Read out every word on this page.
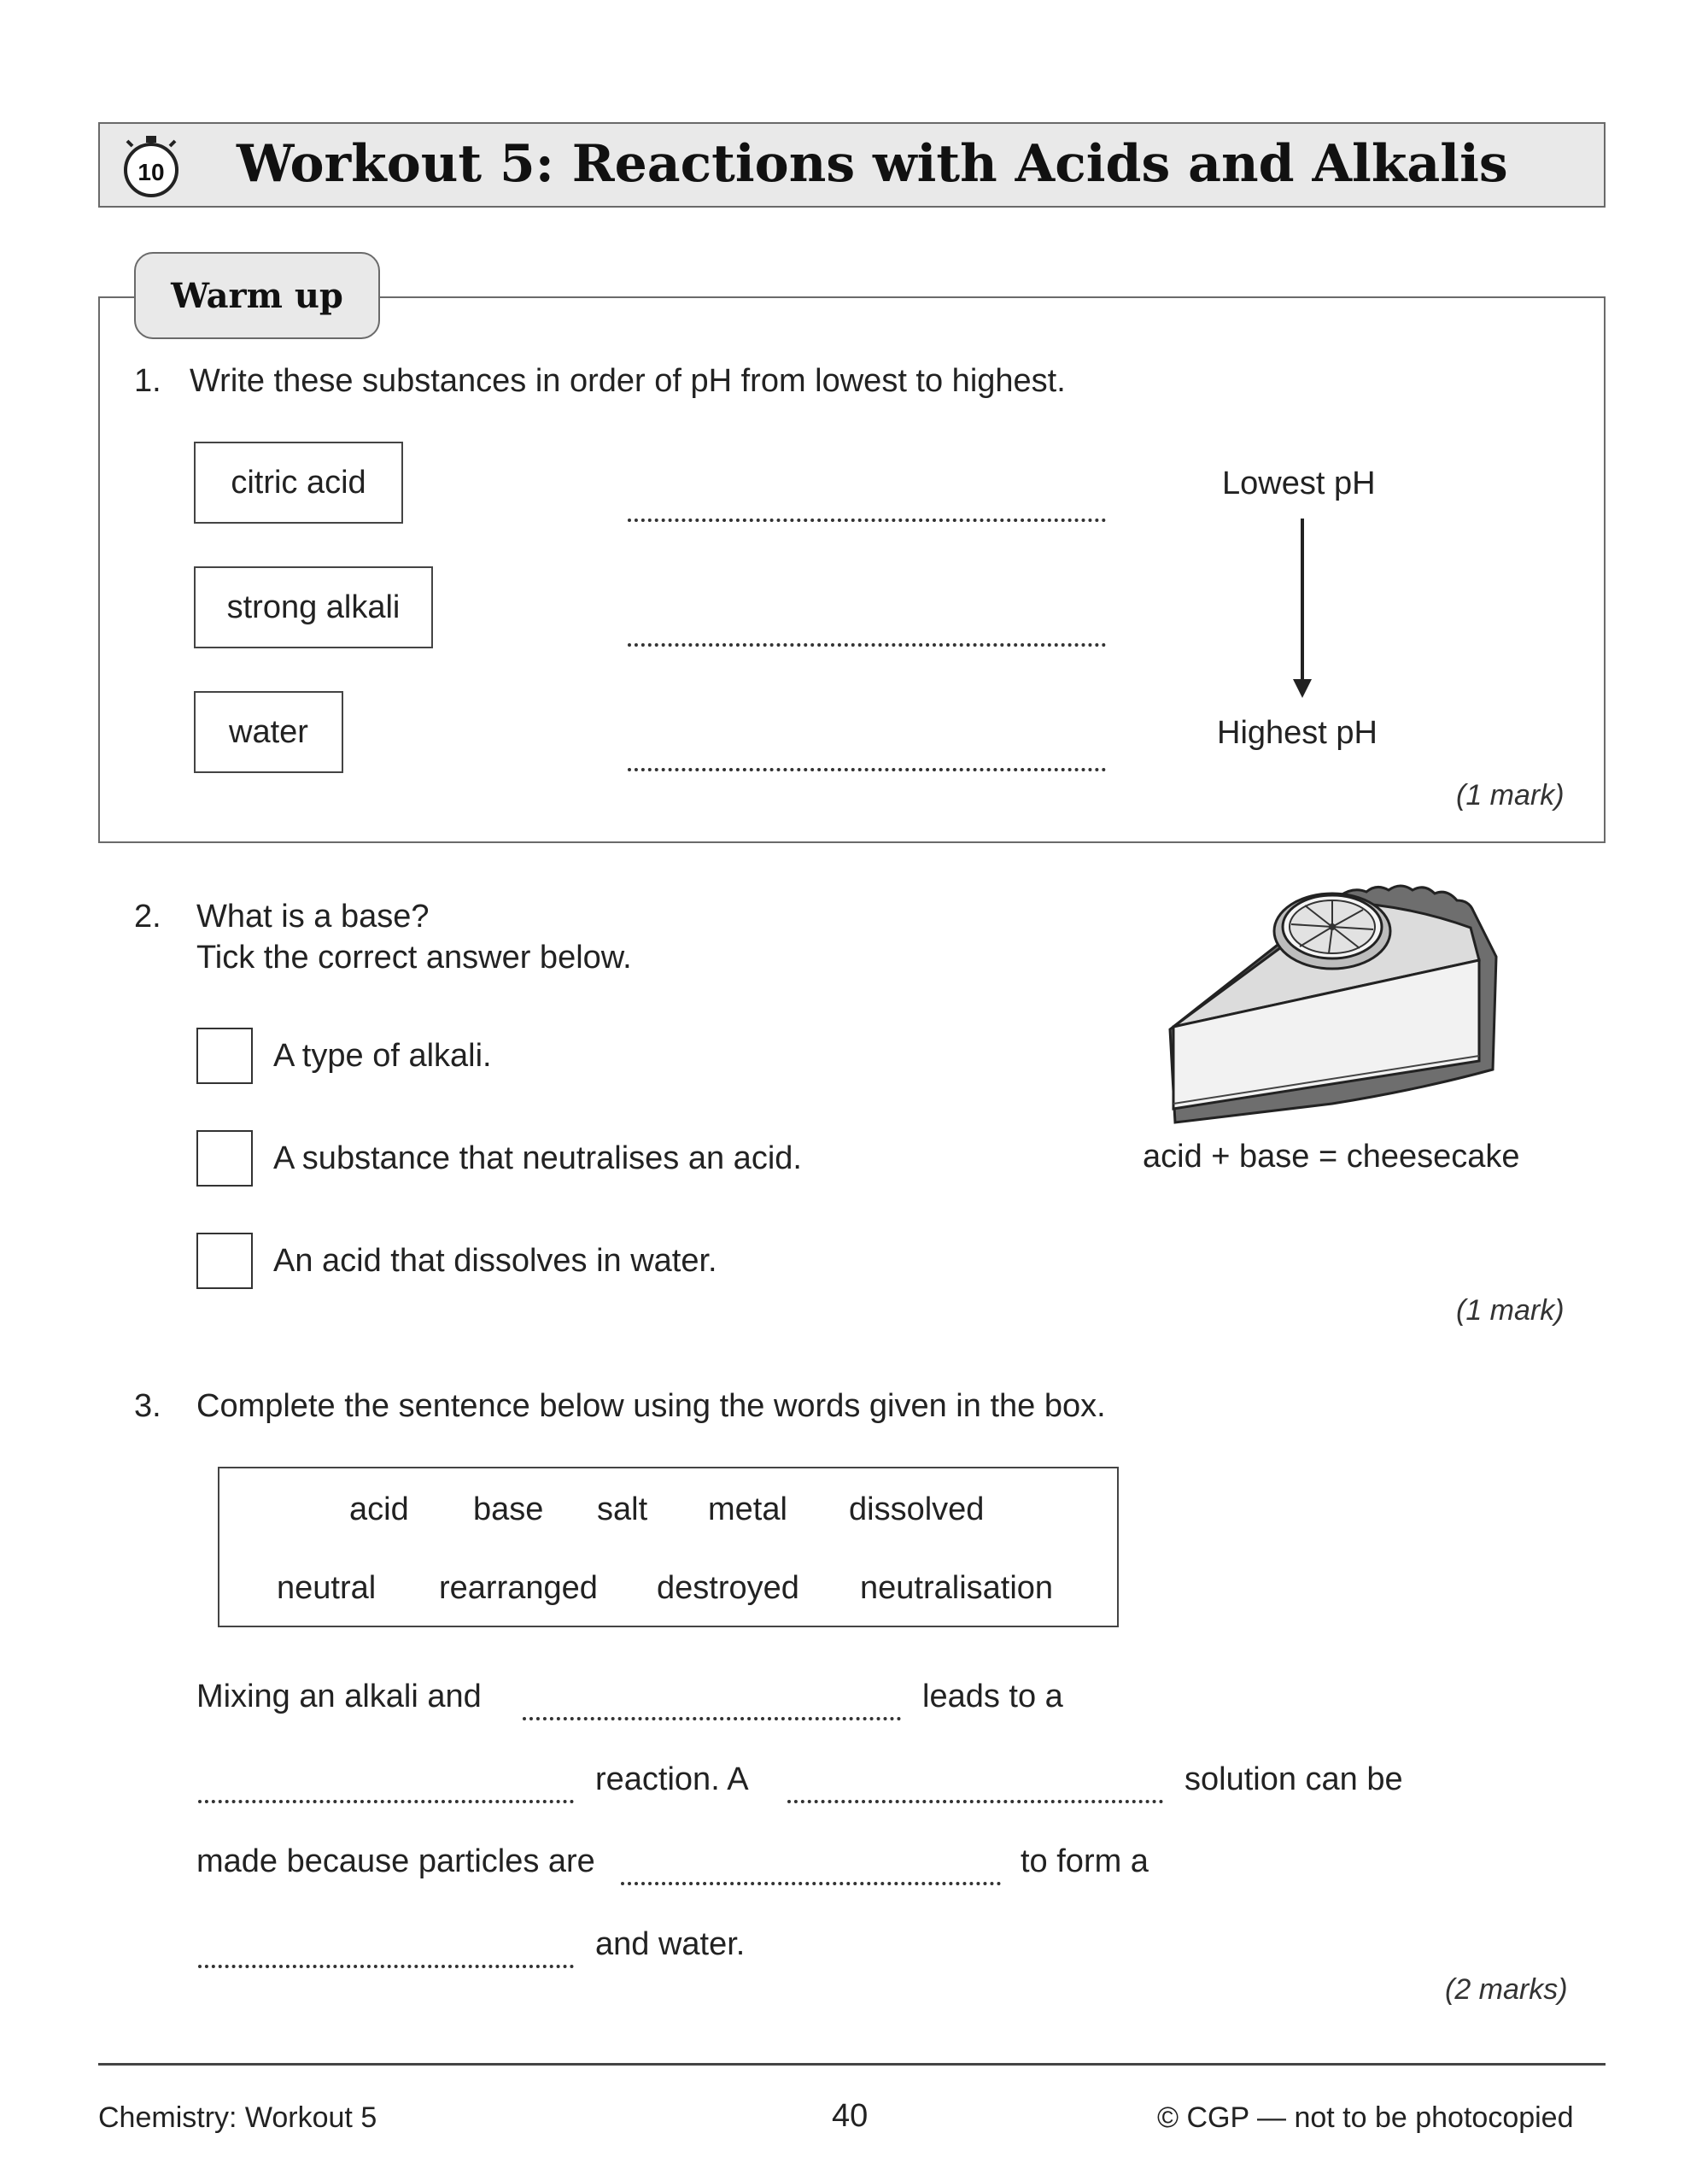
10 Workout 5: Reactions with Acids and Alkalis
Warm up
1. Write these substances in order of pH from lowest to highest.
citric acid
strong alkali
water
Lowest pH
Highest pH
(1 mark)
2. What is a base?
Tick the correct answer below.
A type of alkali.
A substance that neutralises an acid.
An acid that dissolves in water.
acid + base = cheesecake
(1 mark)
3. Complete the sentence below using the words given in the box.
acid base salt metal dissolved
neutral rearranged destroyed neutralisation
Mixing an alkali and	leads to a
reaction. A	solution can be
made because particles are	to form a
and water.
(2 marks)
Chemistry: Workout 5	40	© CGP — not to be photocopied
